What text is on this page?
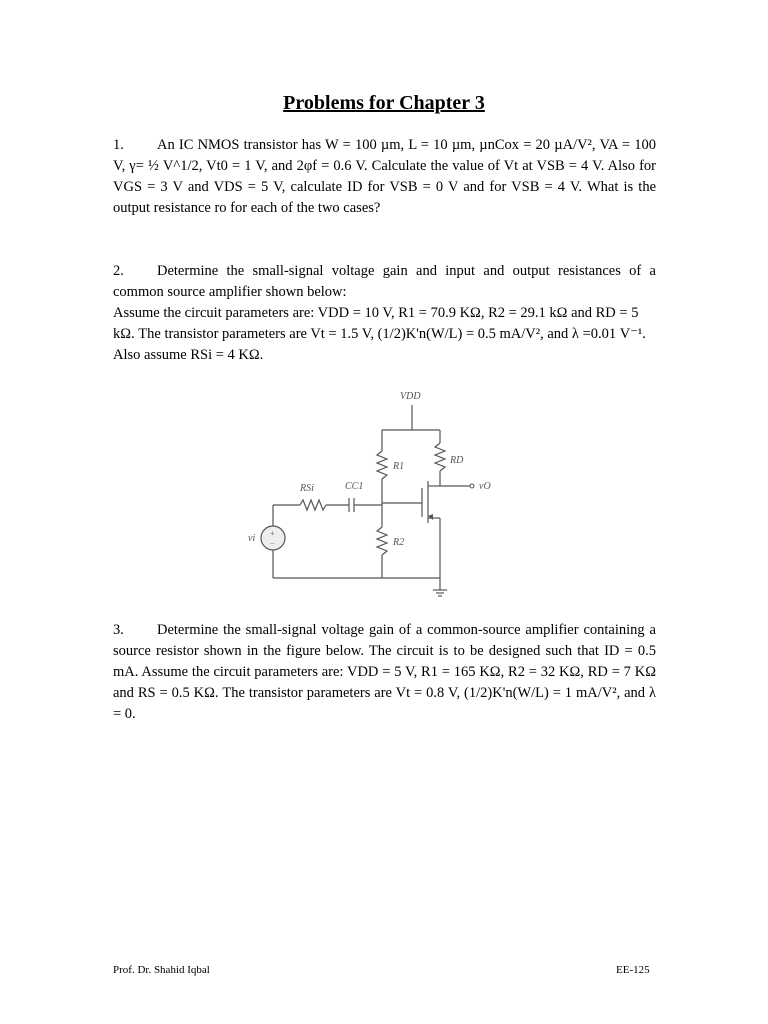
Problems for Chapter 3

1. An IC NMOS transistor has W = 100 µm, L = 10 µm, µnCox = 20 µA/V², VA = 100 V, γ= ½ V^1/2, Vt0 = 1 V, and 2φf = 0.6 V. Calculate the value of Vt at VSB = 4 V. Also for VGS = 3 V and VDS = 5 V, calculate ID for VSB = 0 V and for VSB = 4 V. What is the output resistance ro for each of the two cases?

2. Determine the small-signal voltage gain and input and output resistances of a common source amplifier shown below:
Assume the circuit parameters are: VDD = 10 V, R1 = 70.9 KΩ, R2 = 29.1 kΩ and RD = 5 kΩ. The transistor parameters are Vt = 1.5 V, (1/2)K'n(W/L) = 0.5 mA/V², and λ =0.01 V⁻¹. Also assume RSi = 4 KΩ.
VDD
R1
RD
R2
RSi	CC1	vO
vi +
−

3. Determine the small-signal voltage gain of a common-source amplifier containing a source resistor shown in the figure below. The circuit is to be designed such that ID = 0.5 mA. Assume the circuit parameters are: VDD = 5 V, R1 = 165 KΩ, R2 = 32 KΩ, RD = 7 KΩ and RS = 0.5 KΩ. The transistor parameters are Vt = 0.8 V, (1/2)K'n(W/L) = 1 mA/V², and λ = 0.

Prof. Dr. Shahid Iqbal	EE-125
